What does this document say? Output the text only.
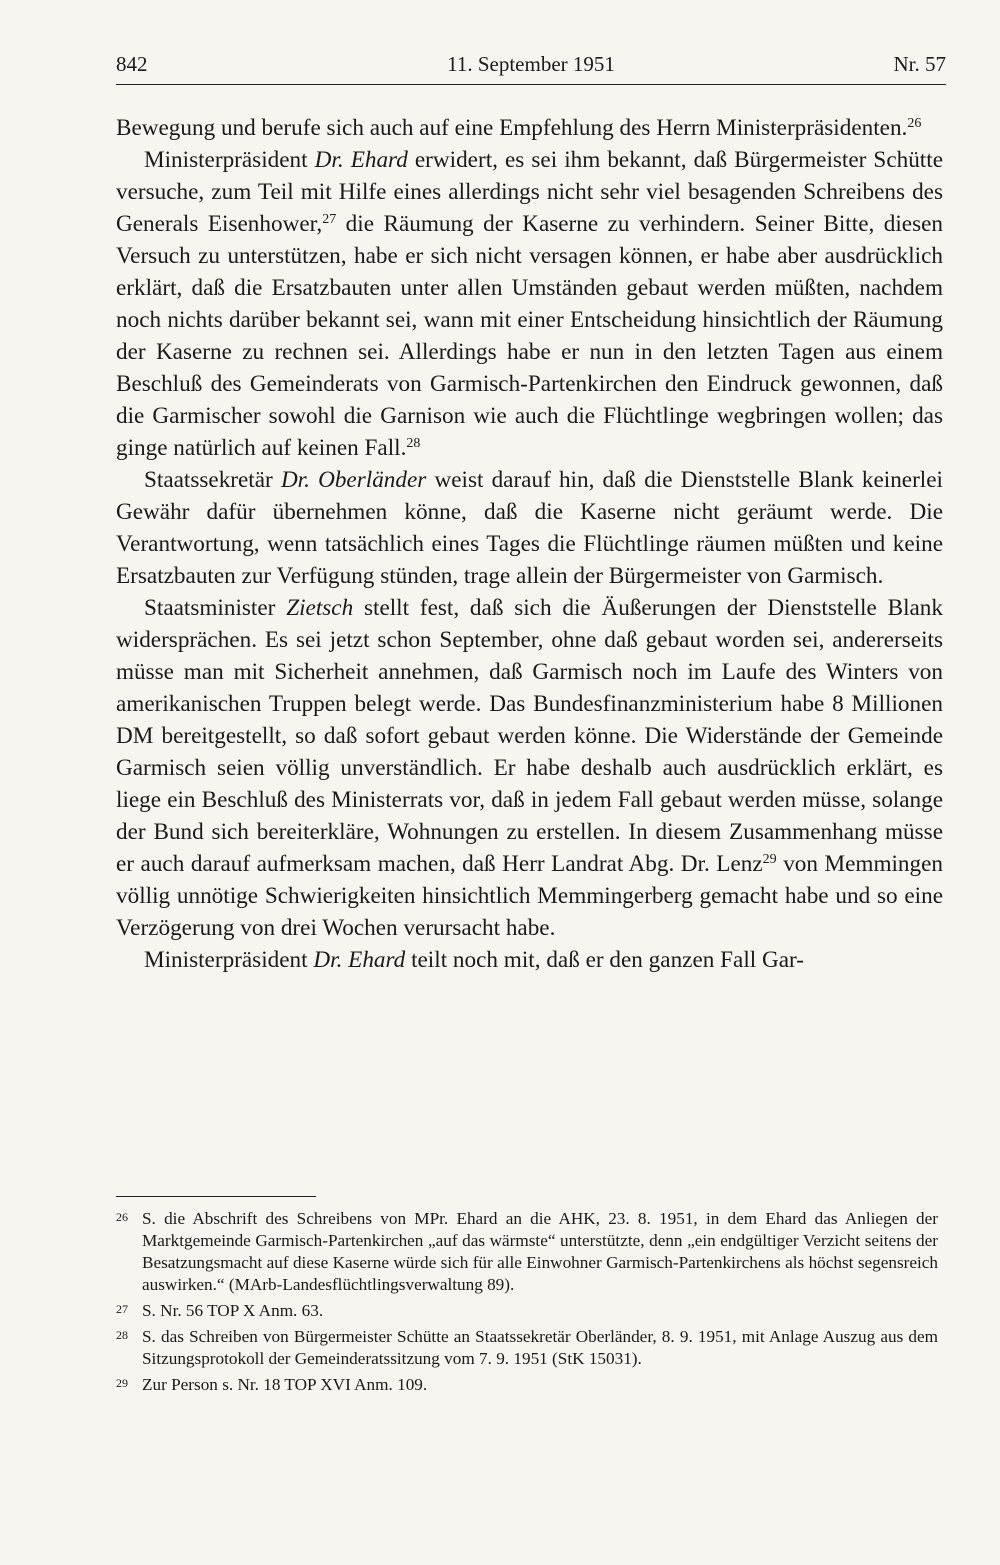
842	11. September 1951	Nr. 57

Bewegung und berufe sich auch auf eine Empfehlung des Herrn Ministerpräsidenten.$^{26}$

Ministerpräsident Dr. Ehard erwidert, es sei ihm bekannt, daß Bürgermeister Schütte versuche, zum Teil mit Hilfe eines allerdings nicht sehr viel besagenden Schreibens des Generals Eisenhower,$^{27}$ die Räumung der Kaserne zu verhindern. Seiner Bitte, diesen Versuch zu unterstützen, habe er sich nicht versagen können, er habe aber ausdrücklich erklärt, daß die Ersatzbauten unter allen Umständen gebaut werden müßten, nachdem noch nichts darüber bekannt sei, wann mit einer Entscheidung hinsichtlich der Räumung der Kaserne zu rechnen sei. Allerdings habe er nun in den letzten Tagen aus einem Beschluß des Gemeinderats von Garmisch-Partenkirchen den Eindruck gewonnen, daß die Garmischer sowohl die Garnison wie auch die Flüchtlinge wegbringen wollen; das ginge natürlich auf keinen Fall.$^{28}$

Staatssekretär Dr. Oberländer weist darauf hin, daß die Dienststelle Blank keinerlei Gewähr dafür übernehmen könne, daß die Kaserne nicht geräumt werde. Die Verantwortung, wenn tatsächlich eines Tages die Flüchtlinge räumen müßten und keine Ersatzbauten zur Verfügung stünden, trage allein der Bürgermeister von Garmisch.

Staatsminister Zietsch stellt fest, daß sich die Äußerungen der Dienststelle Blank widersprächen. Es sei jetzt schon September, ohne daß gebaut worden sei, andererseits müsse man mit Sicherheit annehmen, daß Garmisch noch im Laufe des Winters von amerikanischen Truppen belegt werde. Das Bundesfinanzministerium habe 8 Millionen DM bereitgestellt, so daß sofort gebaut werden könne. Die Widerstände der Gemeinde Garmisch seien völlig unverständlich. Er habe deshalb auch ausdrücklich erklärt, es liege ein Beschluß des Ministerrats vor, daß in jedem Fall gebaut werden müsse, solange der Bund sich bereiterkläre, Wohnungen zu erstellen. In diesem Zusammenhang müsse er auch darauf aufmerksam machen, daß Herr Landrat Abg. Dr. Lenz$^{29}$ von Memmingen völlig unnötige Schwierigkeiten hinsichtlich Memmingerberg gemacht habe und so eine Verzögerung von drei Wochen verursacht habe.

Ministerpräsident Dr. Ehard teilt noch mit, daß er den ganzen Fall Gar-

26 S. die Abschrift des Schreibens von MPr. Ehard an die AHK, 23. 8. 1951, in dem Ehard das Anliegen der Marktgemeinde Garmisch-Partenkirchen „auf das wärmste“ unterstützte, denn „ein endgültiger Verzicht seitens der Besatzungsmacht auf diese Kaserne würde sich für alle Einwohner Garmisch-Partenkirchens als höchst segensreich auswirken.“ (MArb-Landesflüchtlingsverwaltung 89).
27 S. Nr. 56 TOP X Anm. 63.
28 S. das Schreiben von Bürgermeister Schütte an Staatssekretär Oberländer, 8. 9. 1951, mit Anlage Auszug aus dem Sitzungsprotokoll der Gemeinderatssitzung vom 7. 9. 1951 (StK 15031).
29 Zur Person s. Nr. 18 TOP XVI Anm. 109.
